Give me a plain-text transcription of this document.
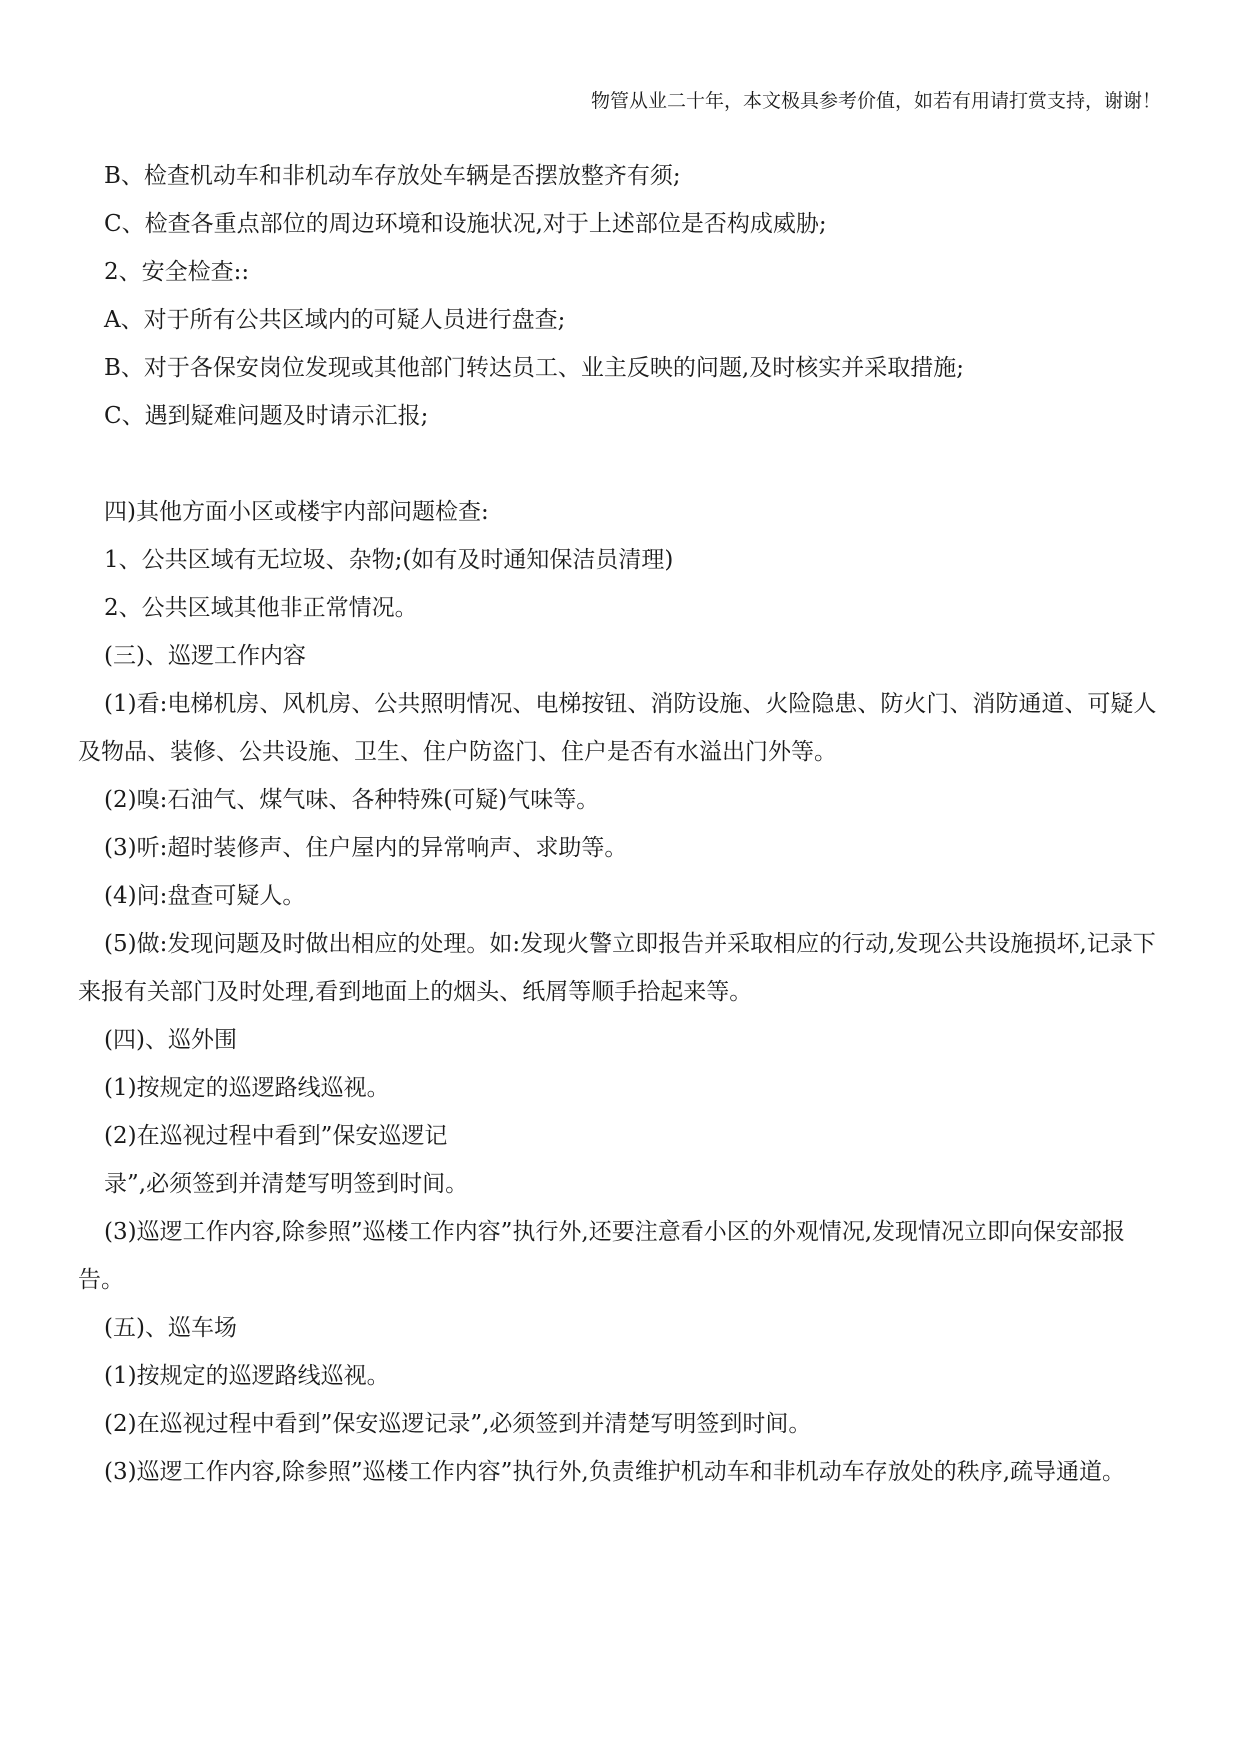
物管从业二十年，本文极具参考价值，如若有用请打赏支持，谢谢！

B、检查机动车和非机动车存放处车辆是否摆放整齐有须;

C、检查各重点部位的周边环境和设施状况,对于上述部位是否构成威胁;

2、安全检查::

A、对于所有公共区域内的可疑人员进行盘查;

B、对于各保安岗位发现或其他部门转达员工、业主反映的问题,及时核实并采取措施;

C、遇到疑难问题及时请示汇报;

四)其他方面小区或楼宇内部问题检查:

1、公共区域有无垃圾、杂物;(如有及时通知保洁员清理)

2、公共区域其他非正常情况。

(三)、巡逻工作内容

(1)看:电梯机房、风机房、公共照明情况、电梯按钮、消防设施、火险隐患、防火门、消防通道、可疑人及物品、装修、公共设施、卫生、住户防盗门、住户是否有水溢出门外等。

(2)嗅:石油气、煤气味、各种特殊(可疑)气味等。

(3)听:超时装修声、住户屋内的异常响声、求助等。

(4)问:盘查可疑人。

(5)做:发现问题及时做出相应的处理。如:发现火警立即报告并采取相应的行动,发现公共设施损坏,记录下来报有关部门及时处理,看到地面上的烟头、纸屑等顺手拾起来等。

(四)、巡外围

(1)按规定的巡逻路线巡视。

(2)在巡视过程中看到”保安巡逻记

录”,必须签到并清楚写明签到时间。

(3)巡逻工作内容,除参照”巡楼工作内容”执行外,还要注意看小区的外观情况,发现情况立即向保安部报告。

(五)、巡车场

(1)按规定的巡逻路线巡视。

(2)在巡视过程中看到”保安巡逻记录”,必须签到并清楚写明签到时间。

(3)巡逻工作内容,除参照”巡楼工作内容”执行外,负责维护机动车和非机动车存放处的秩序,疏导通道。
